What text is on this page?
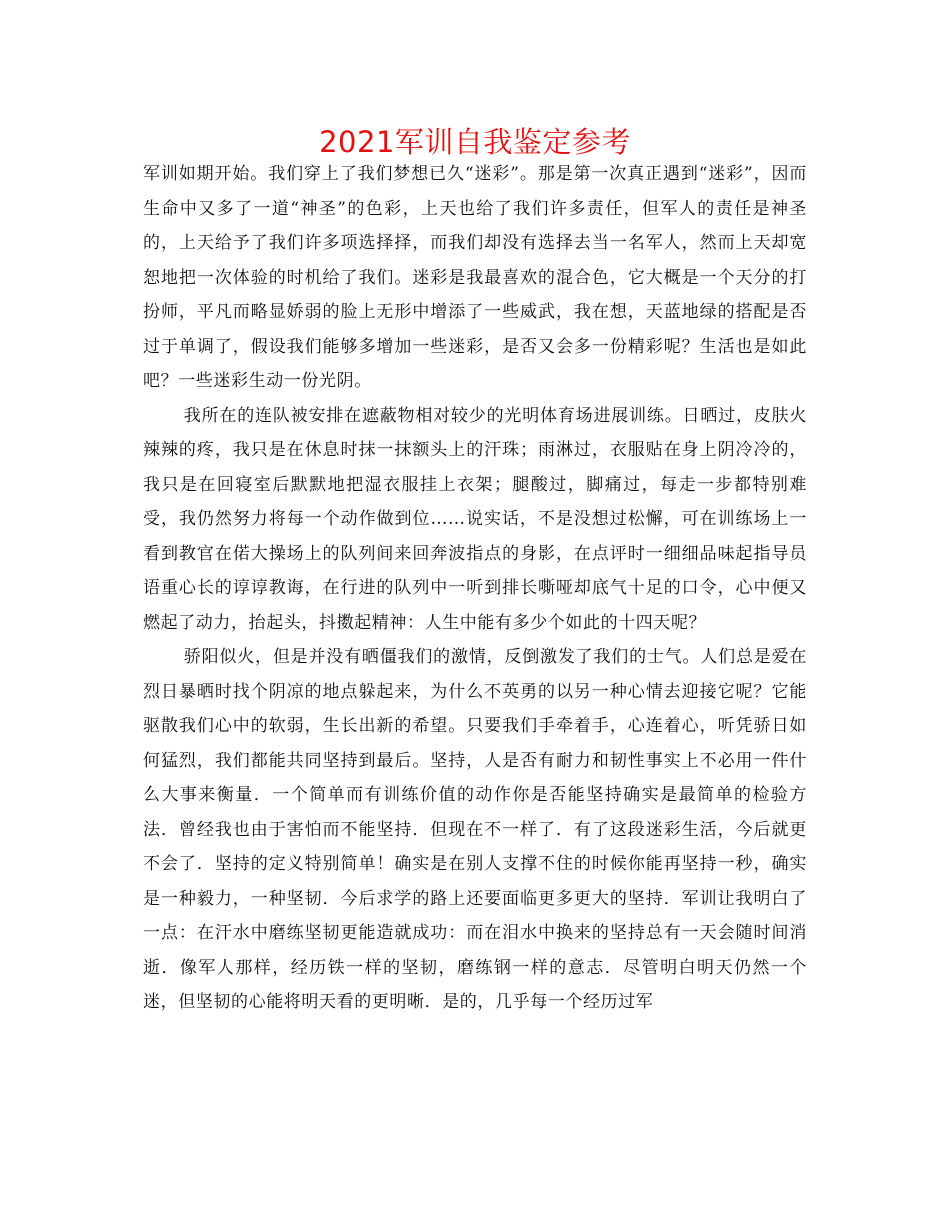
2021军训自我鉴定参考

军训如期开始。我们穿上了我们梦想已久“迷彩”。那是第一次真正遇到“迷彩”，因而生命中又多了一道“神圣”的色彩，上天也给了我们许多责任，但军人的责任是神圣的，上天给予了我们许多项选择择，而我们却没有选择去当一名军人，然而上天却宽恕地把一次体验的时机给了我们。迷彩是我最喜欢的混合色，它大概是一个天分的打扮师，平凡而略显娇弱的脸上无形中增添了一些威武，我在想，天蓝地绿的搭配是否过于单调了，假设我们能够多增加一些迷彩，是否又会多一份精彩呢？生活也是如此吧？一些迷彩生动一份光阴。

我所在的连队被安排在遮蔽物相对较少的光明体育场进展训练。日晒过，皮肤火辣辣的疼，我只是在休息时抹一抹额头上的汗珠；雨淋过，衣服贴在身上阴冷冷的，我只是在回寝室后默默地把湿衣服挂上衣架；腿酸过，脚痛过，每走一步都特别难受，我仍然努力将每一个动作做到位……说实话，不是没想过松懈，可在训练场上一看到教官在偌大操场上的队列间来回奔波指点的身影，在点评时一细细品味起指导员语重心长的谆谆教诲，在行进的队列中一听到排长嘶哑却底气十足的口令，心中便又燃起了动力，抬起头，抖擞起精神：人生中能有多少个如此的十四天呢？

骄阳似火，但是并没有晒僵我们的激情，反倒激发了我们的士气。人们总是爱在烈日暴晒时找个阴凉的地点躲起来，为什么不英勇的以另一种心情去迎接它呢？它能驱散我们心中的软弱，生长出新的希望。只要我们手牵着手，心连着心，听凭骄日如何猛烈，我们都能共同坚持到最后。坚持，人是否有耐力和韧性事实上不必用一件什么大事来衡量．一个简单而有训练价值的动作你是否能坚持确实是最简单的检验方法．曾经我也由于害怕而不能坚持．但现在不一样了．有了这段迷彩生活，今后就更不会了．坚持的定义特别简单！确实是在别人支撑不住的时候你能再坚持一秒，确实是一种毅力，一种坚韧．今后求学的路上还要面临更多更大的坚持．军训让我明白了一点：在汗水中磨练坚韧更能造就成功：而在泪水中换来的坚持总有一天会随时间消逝．像军人那样，经历铁一样的坚韧，磨练钢一样的意志．尽管明白明天仍然一个迷，但坚韧的心能将明天看的更明晰．是的，几乎每一个经历过军
